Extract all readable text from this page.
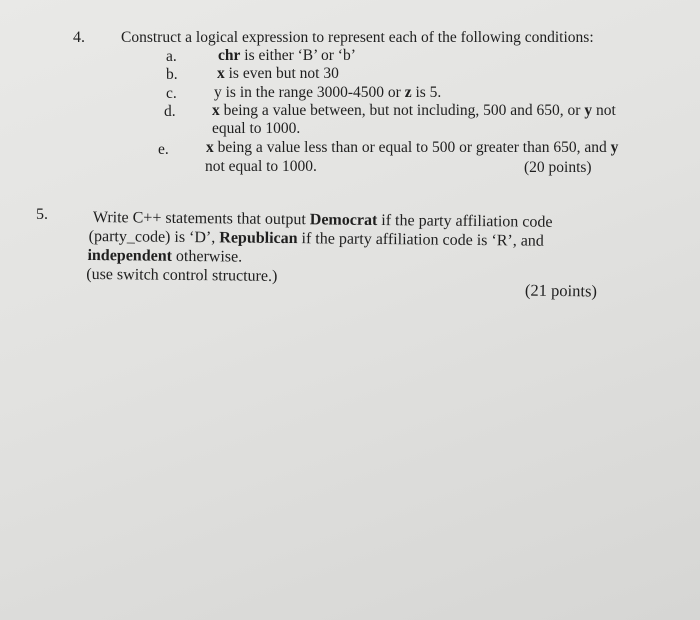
4. Construct a logical expression to represent each of the following conditions:
a.	chr is either ‘B’ or ‘b’
b.	x is even but not 30
c. y is in the range 3000-4500 or z is 5.
d. x being a value between, but not including, 500 and 650, or y not
equal to 1000.
e. x being a value less than or equal to 500 or greater than 650, and y
not equal to 1000.	(20 points)
5.	Write C++ statements that output Democrat if the party affiliation code
(party_code) is ‘D’, Republican if the party affiliation code is ‘R’, and
independent otherwise.
(use switch control structure.)
(21 points)
